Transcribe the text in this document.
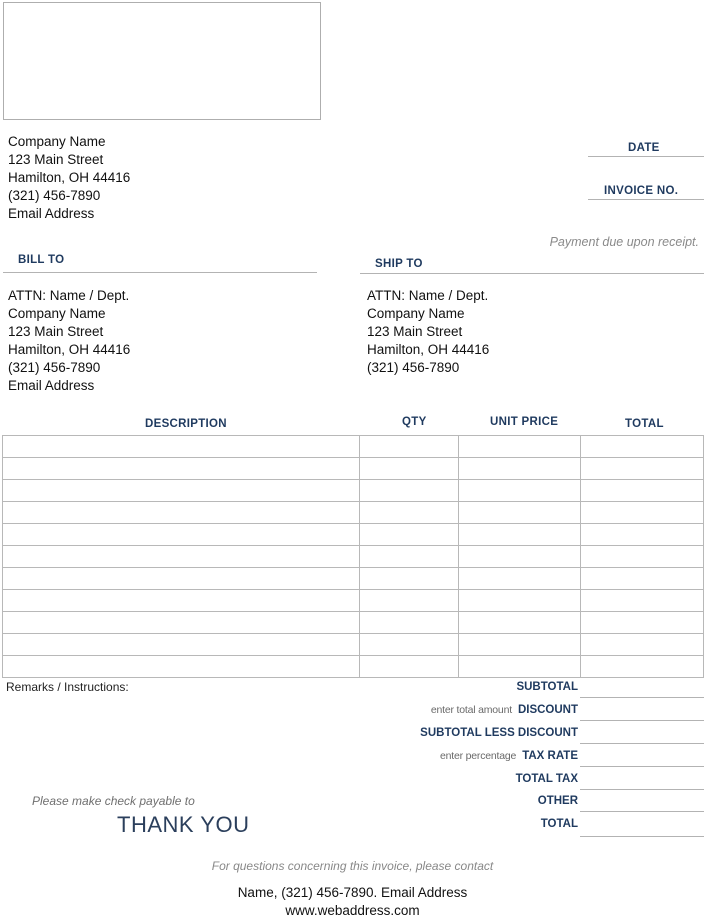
Company Name
123 Main Street
Hamilton, OH 44416
(321) 456-7890
Email Address
DATE
INVOICE NO.
Payment due upon receipt.
BILL TO	SHIP TO
ATTN: Name / Dept.
Company Name
123 Main Street
Hamilton, OH 44416
(321) 456-7890
Email Address
ATTN: Name / Dept.
Company Name
123 Main Street
Hamilton, OH 44416
(321) 456-7890
DESCRIPTION	QTY	UNIT PRICE	TOTAL

Remarks / Instructions:	SUBTOTAL
enter total amount DISCOUNT
SUBTOTAL LESS DISCOUNT
enter percentage TAX RATE
TOTAL TAX
OTHER
TOTAL
Please make check payable to
THANK YOU
For questions concerning this invoice, please contact
Name, (321) 456-7890. Email Address
www.webaddress.com
